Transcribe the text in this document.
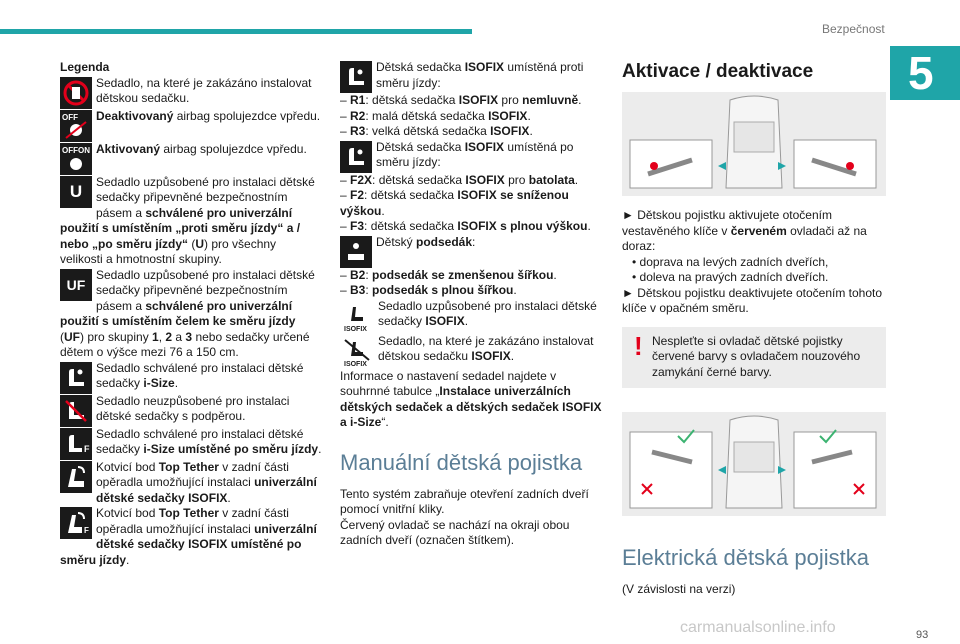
Bezpečnost
5

Legenda

Sedadlo, na které je zakázáno instalovat dětskou sedačku.
OFF Deaktivovaný airbag spolujezdce vpředu.
OFF ON Aktivovaný airbag spolujezdce vpředu.
U	Sedadlo uzpůsobené pro instalaci dětské sedačky připevněné bezpečnostním pásem a schválené pro univerzální použití s umístěním „proti směru jízdy“ a / nebo „po směru jízdy“ (U) pro všechny velikosti a hmotnostní skupiny.
UF
Sedadlo uzpůsobené pro instalaci dětské sedačky připevněné bezpečnostním pásem a schválené pro univerzální použití s umístěním čelem ke směru jízdy (UF) pro skupiny 1, 2 a 3 nebo sedačky určené dětem o výšce mezi 76 a 150 cm.
Sedadlo schválené pro instalaci dětské sedačky i-Size.
Sedadlo neuzpůsobené pro instalaci dětské sedačky s podpěrou.
F
Sedadlo schválené pro instalaci dětské sedačky i-Size umístěné po směru jízdy.
Kotvicí bod Top Tether v zadní části opěradla umožňující instalaci univerzální dětské sedačky ISOFIX.
F
Kotvicí bod Top Tether v zadní části opěradla umožňující instalaci univerzální dětské sedačky ISOFIX umístěné po směru jízdy.
Dětská sedačka ISOFIX umístěná proti směru jízdy:

– R1: dětská sedačka ISOFIX pro nemluvně.

– R2: malá dětská sedačka ISOFIX.

– R3: velká dětská sedačka ISOFIX.

Dětská sedačka ISOFIX umístěná po směru jízdy:

– F2X: dětská sedačka ISOFIX pro batolata.

– F2: dětská sedačka ISOFIX se sníženou výškou.

– F3: dětská sedačka ISOFIX s plnou výškou.

Dětský podsedák:

– B2: podsedák se zmenšenou šířkou.

– B3: podsedák s plnou šířkou.

ISOFIX
Sedadlo uzpůsobené pro instalaci dětské sedačky ISOFIX.
ISOFIX
Sedadlo, na které je zakázáno instalovat dětskou sedačku ISOFIX.

Informace o nastavení sedadel najdete v souhrnné tabulce „Instalace univerzálních dětských sedaček a dětských sedaček ISOFIX a i-Size“.

Manuální dětská pojistka

Tento systém zabraňuje otevření zadních dveří pomocí vnitřní kliky.

Červený ovladač se nachází na okraji obou zadních dveří (označen štítkem).

Aktivace / deaktivace

► Dětskou pojistku aktivujete otočením vestavěného klíče v červeném ovladači až na doraz:

• doprava na levých zadních dveřích,

• doleva na pravých zadních dveřích.

► Dětskou pojistku deaktivujete otočením tohoto klíče v opačném směru.

! Nespleťte si ovladač dětské pojistky červené barvy s ovladačem nouzového zamykání černé barvy.

Elektrická dětská pojistka

(V závislosti na verzi)

93
carmanualsonline.info
